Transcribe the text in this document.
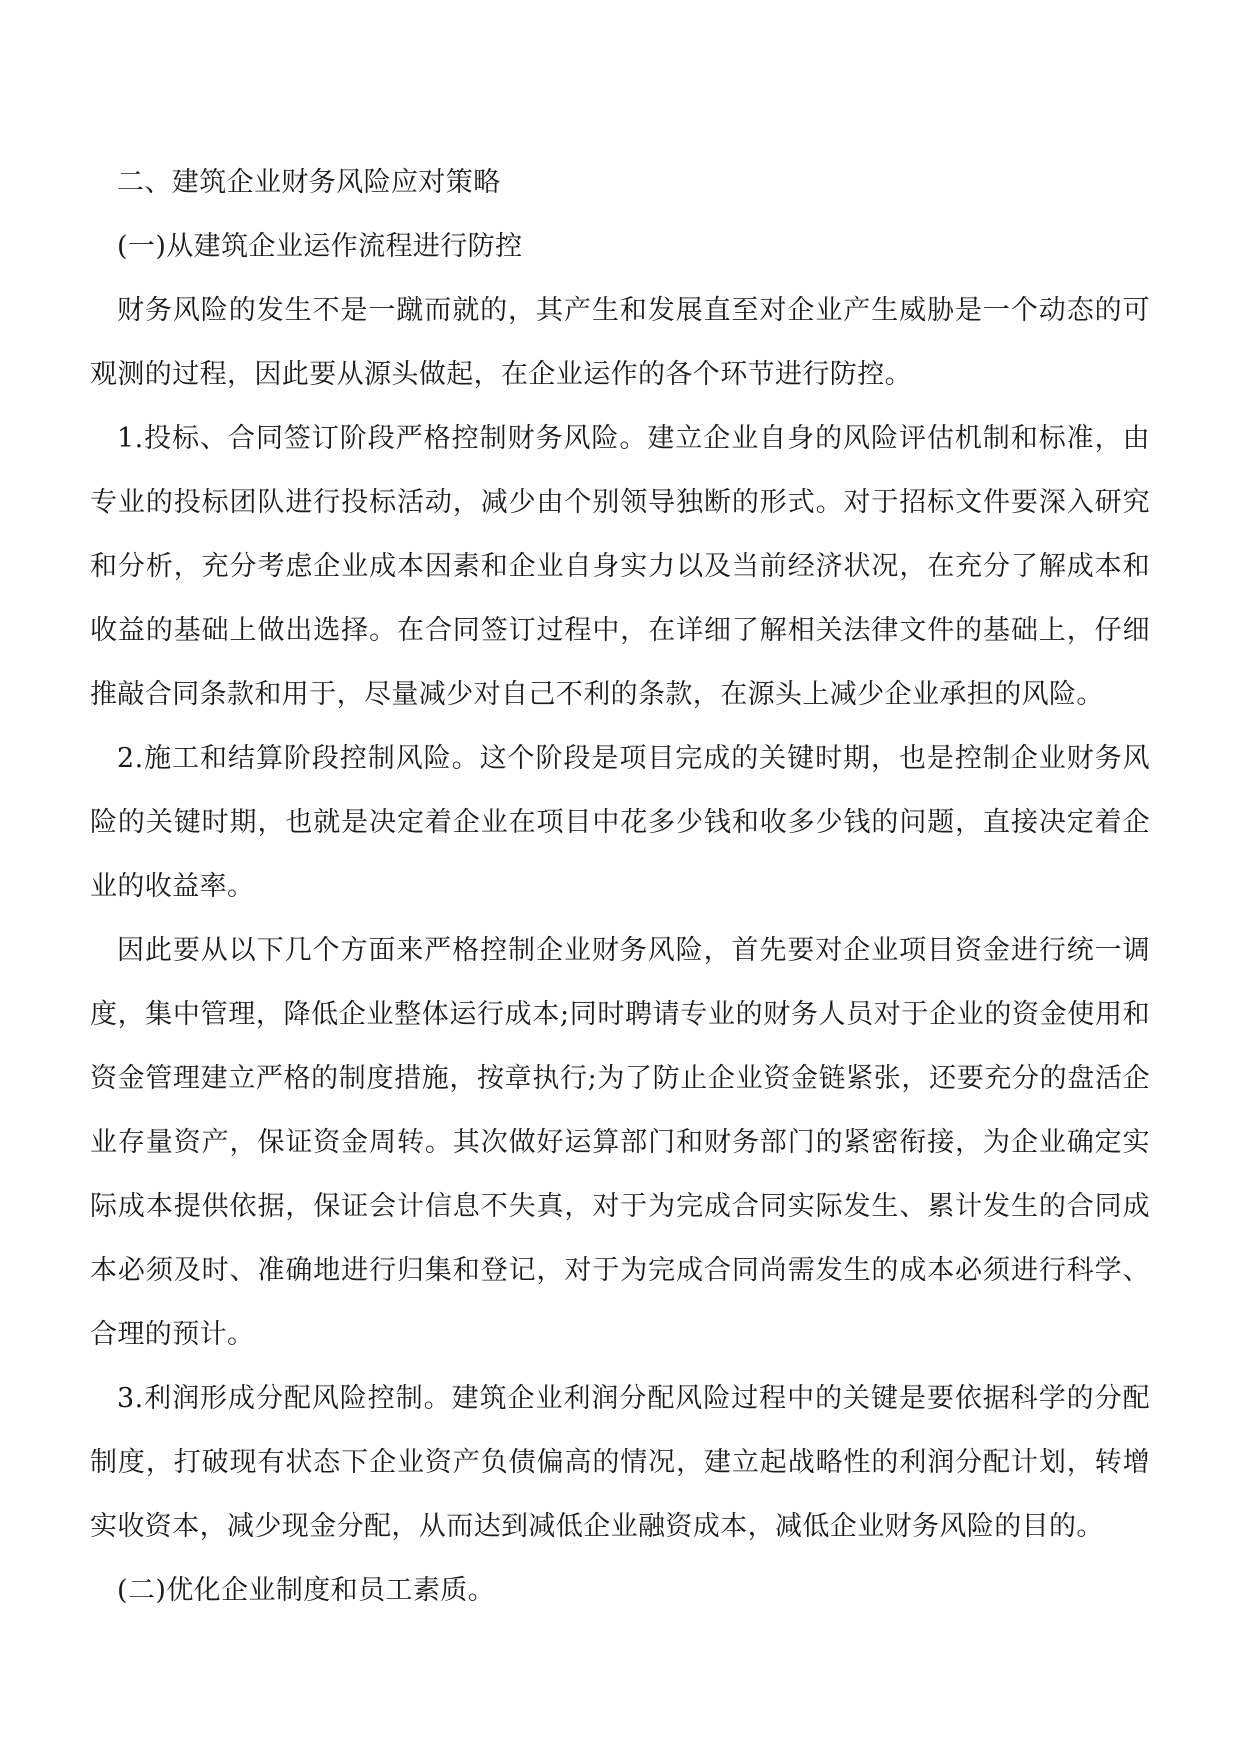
二、建筑企业财务风险应对策略

(一)从建筑企业运作流程进行防控

财务风险的发生不是一蹴而就的，其产生和发展直至对企业产生威胁是一个动态的可观测的过程，因此要从源头做起，在企业运作的各个环节进行防控。

1.投标、合同签订阶段严格控制财务风险。建立企业自身的风险评估机制和标准，由专业的投标团队进行投标活动，减少由个别领导独断的形式。对于招标文件要深入研究和分析，充分考虑企业成本因素和企业自身实力以及当前经济状况，在充分了解成本和收益的基础上做出选择。在合同签订过程中，在详细了解相关法律文件的基础上，仔细推敲合同条款和用于，尽量减少对自己不利的条款，在源头上减少企业承担的风险。

2.施工和结算阶段控制风险。这个阶段是项目完成的关键时期，也是控制企业财务风险的关键时期，也就是决定着企业在项目中花多少钱和收多少钱的问题，直接决定着企业的收益率。

因此要从以下几个方面来严格控制企业财务风险，首先要对企业项目资金进行统一调度，集中管理，降低企业整体运行成本;同时聘请专业的财务人员对于企业的资金使用和资金管理建立严格的制度措施，按章执行;为了防止企业资金链紧张，还要充分的盘活企业存量资产，保证资金周转。其次做好运算部门和财务部门的紧密衔接，为企业确定实际成本提供依据，保证会计信息不失真，对于为完成合同实际发生、累计发生的合同成本必须及时、准确地进行归集和登记，对于为完成合同尚需发生的成本必须进行科学、合理的预计。

3.利润形成分配风险控制。建筑企业利润分配风险过程中的关键是要依据科学的分配制度，打破现有状态下企业资产负债偏高的情况，建立起战略性的利润分配计划，转增实收资本，减少现金分配，从而达到减低企业融资成本，减低企业财务风险的目的。

(二)优化企业制度和员工素质。
